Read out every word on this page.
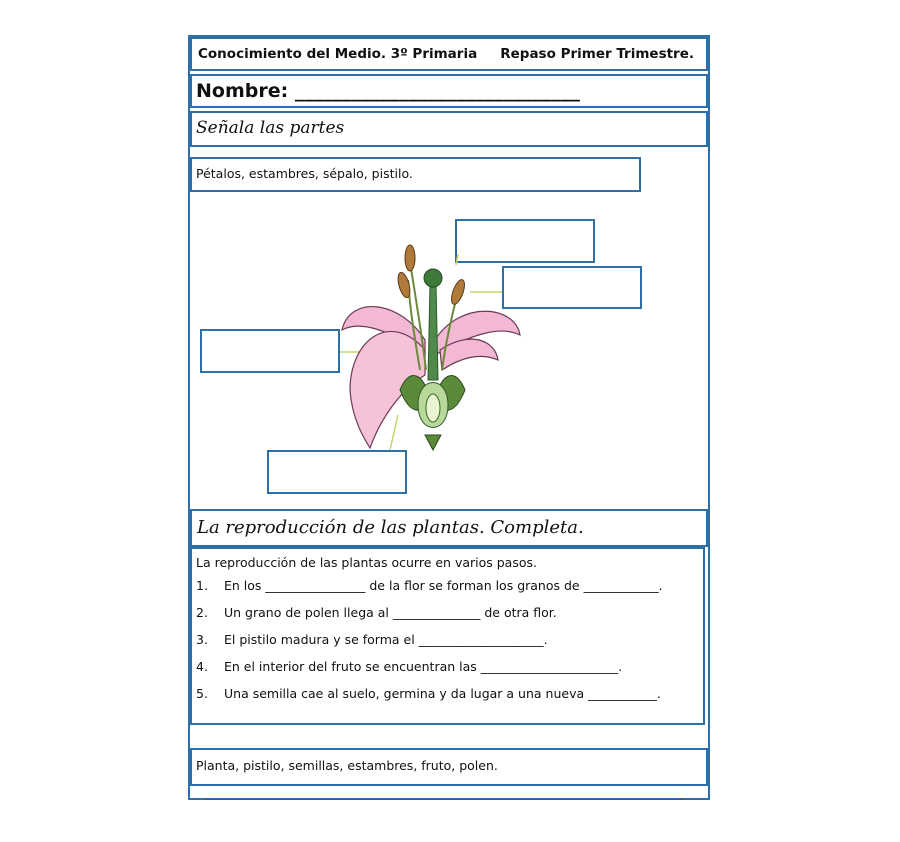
Conocimiento del Medio. 3º Primaria Repaso Primer Trimestre.
Nombre: ______________________________
Señala las partes
Pétalos, estambres, sépalo, pistilo.
La reproducción de las plantas. Completa.
La reproducción de las plantas ocurre en varios pasos.
1.	En los ________________ de la flor se forman los granos de ____________.
2.	Un grano de polen llega al ______________ de otra flor.
3.	El pistilo madura y se forma el ____________________.
4.	En el interior del fruto se encuentran las ______________________.
5.	Una semilla cae al suelo, germina y da lugar a una nueva ___________.
Planta, pistilo, semillas, estambres, fruto, polen.
